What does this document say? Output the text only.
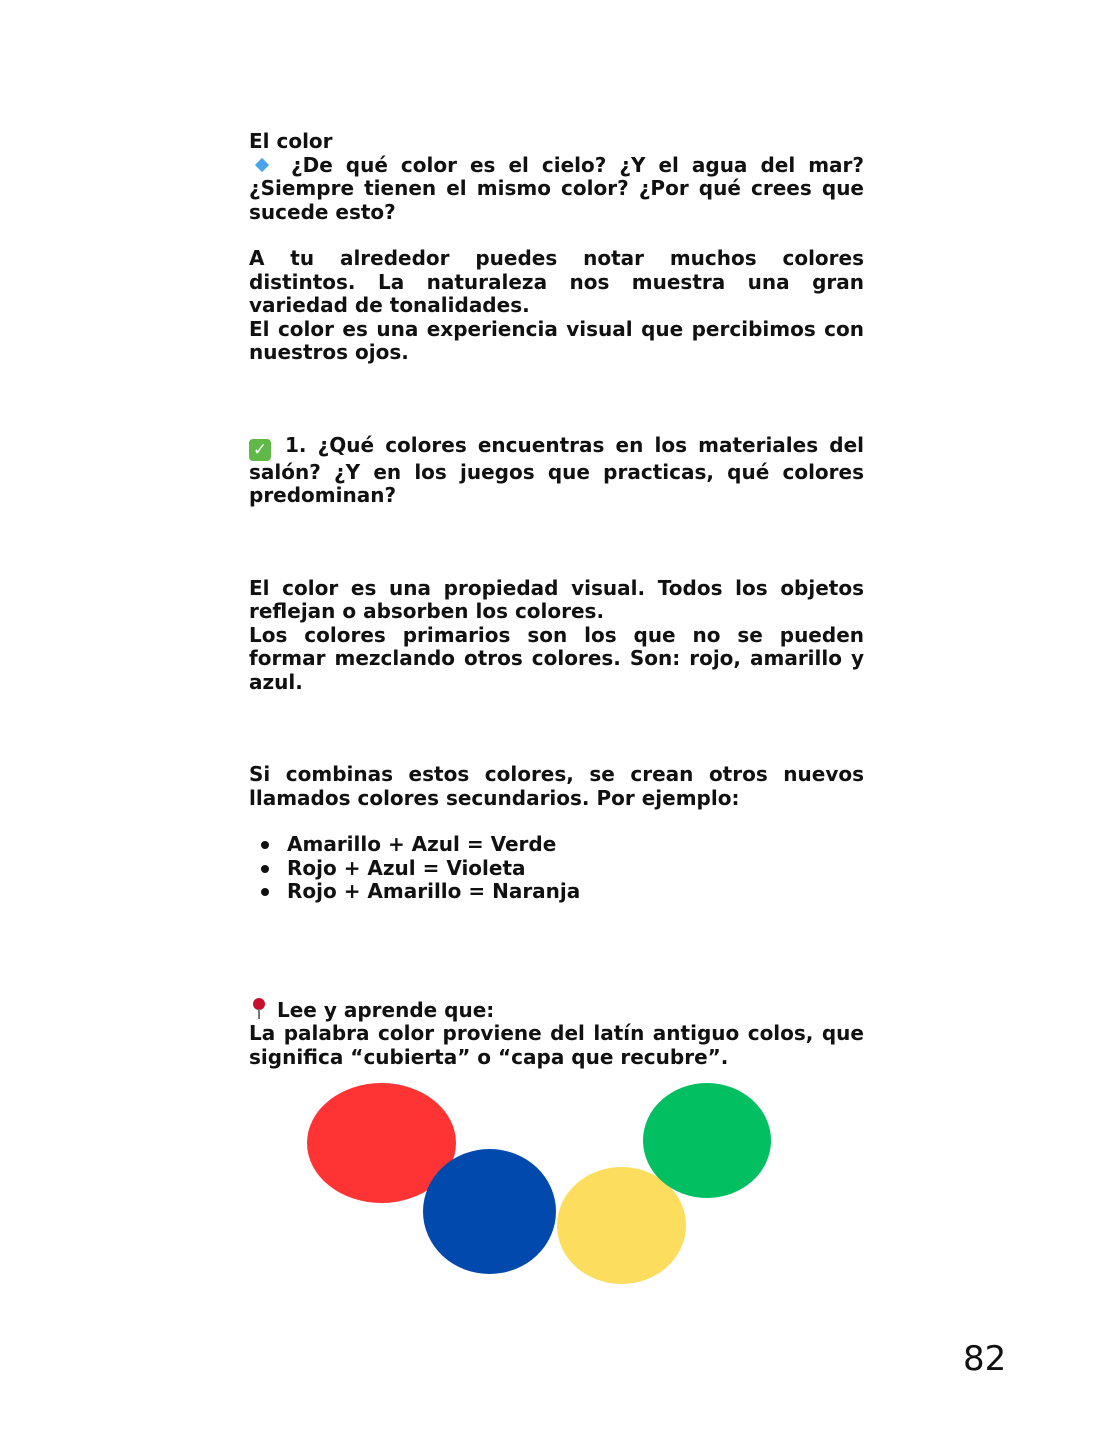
El color

¿De qué color es el cielo? ¿Y el agua del mar? ¿Siempre tienen el mismo color? ¿Por qué crees que sucede esto?

A tu alrededor puedes notar muchos colores distintos. La naturaleza nos muestra una gran variedad de tonalidades.

El color es una experiencia visual que percibimos con nuestros ojos.

✓ 1. ¿Qué colores encuentras en los materiales del salón? ¿Y en los juegos que practicas, qué colores predominan?

El color es una propiedad visual. Todos los objetos reflejan o absorben los colores.

Los colores primarios son los que no se pueden formar mezclando otros colores. Son: rojo, amarillo y azul.

Si combinas estos colores, se crean otros nuevos llamados colores secundarios. Por ejemplo:

Amarillo + Azul = Verde
Rojo + Azul = Violeta
Rojo + Amarillo = Naranja

Lee y aprende que:

La palabra color proviene del latín antiguo colos, que significa “cubierta” o “capa que recubre”.

82
